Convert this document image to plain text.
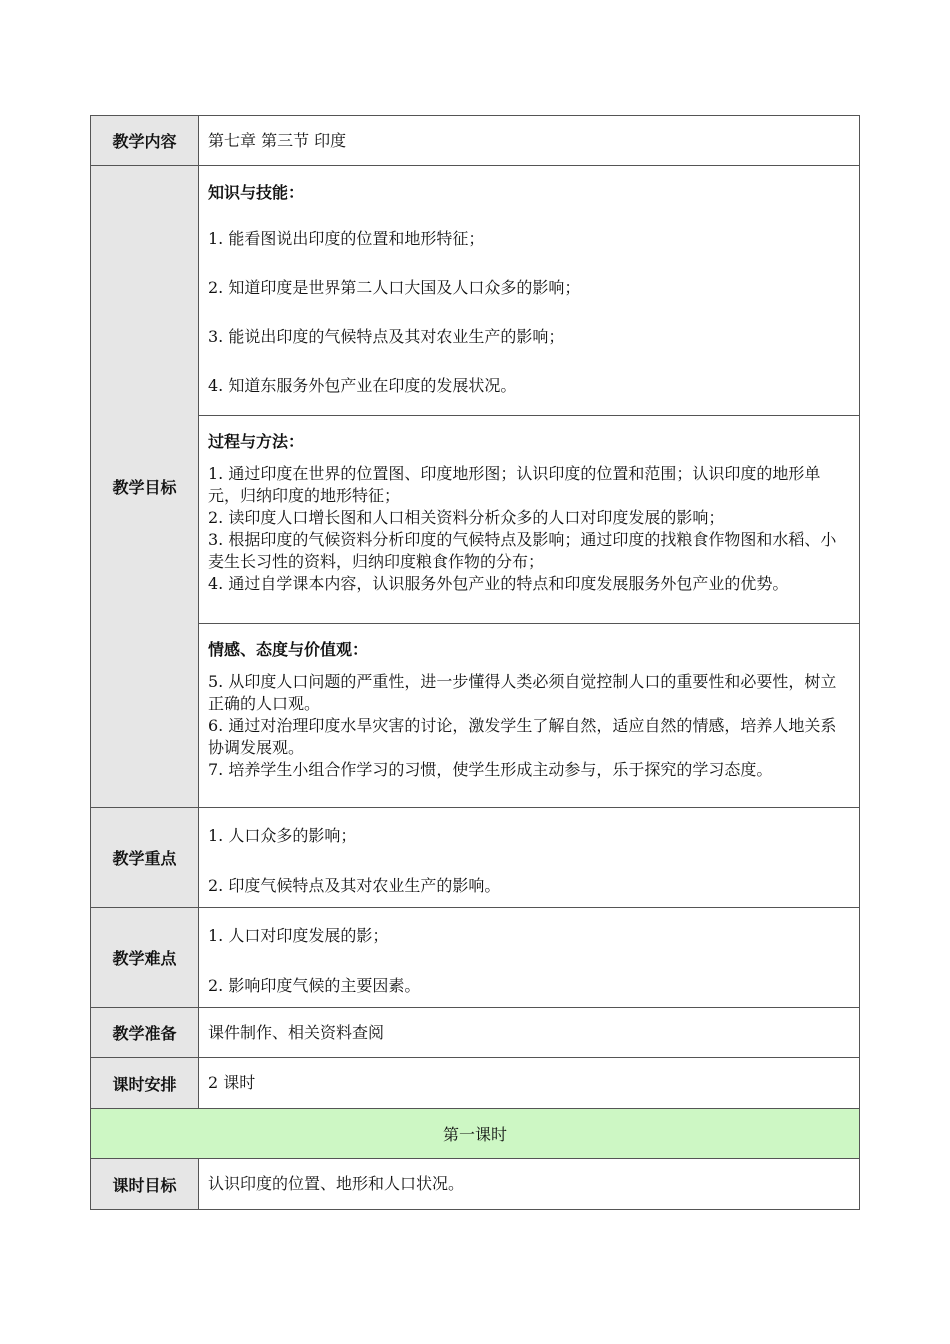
教学内容	第七章 第三节 印度
教学目标	知识与技能：

1. 能看图说出印度的位置和地形特征；

2. 知道印度是世界第二人口大国及人口众多的影响；

3. 能说出印度的气候特点及其对农业生产的影响；

4. 知道东服务外包产业在印度的发展状况。

	过程与方法：

1. 通过印度在世界的位置图、印度地形图；认识印度的位置和范围；认识印度的地形单元，归纳印度的地形特征；

2. 读印度人口增长图和人口相关资料分析众多的人口对印度发展的影响；

3. 根据印度的气候资料分析印度的气候特点及影响；通过印度的找粮食作物图和水稻、小麦生长习性的资料，归纳印度粮食作物的分布；

4. 通过自学课本内容，认识服务外包产业的特点和印度发展服务外包产业的优势。

	情感、态度与价值观：

5. 从印度人口问题的严重性，进一步懂得人类必须自觉控制人口的重要性和必要性，树立正确的人口观。

6. 通过对治理印度水旱灾害的讨论，激发学生了解自然，适应自然的情感，培养人地关系协调发展观。

7. 培养学生小组合作学习的习惯，使学生形成主动参与，乐于探究的学习态度。

教学重点	1. 人口众多的影响；

2. 印度气候特点及其对农业生产的影响。

教学难点	1. 人口对印度发展的影；

2. 影响印度气候的主要因素。

教学准备	课件制作、相关资料查阅
课时安排	2 课时
第一课时	
课时目标	认识印度的位置、地形和人口状况。
